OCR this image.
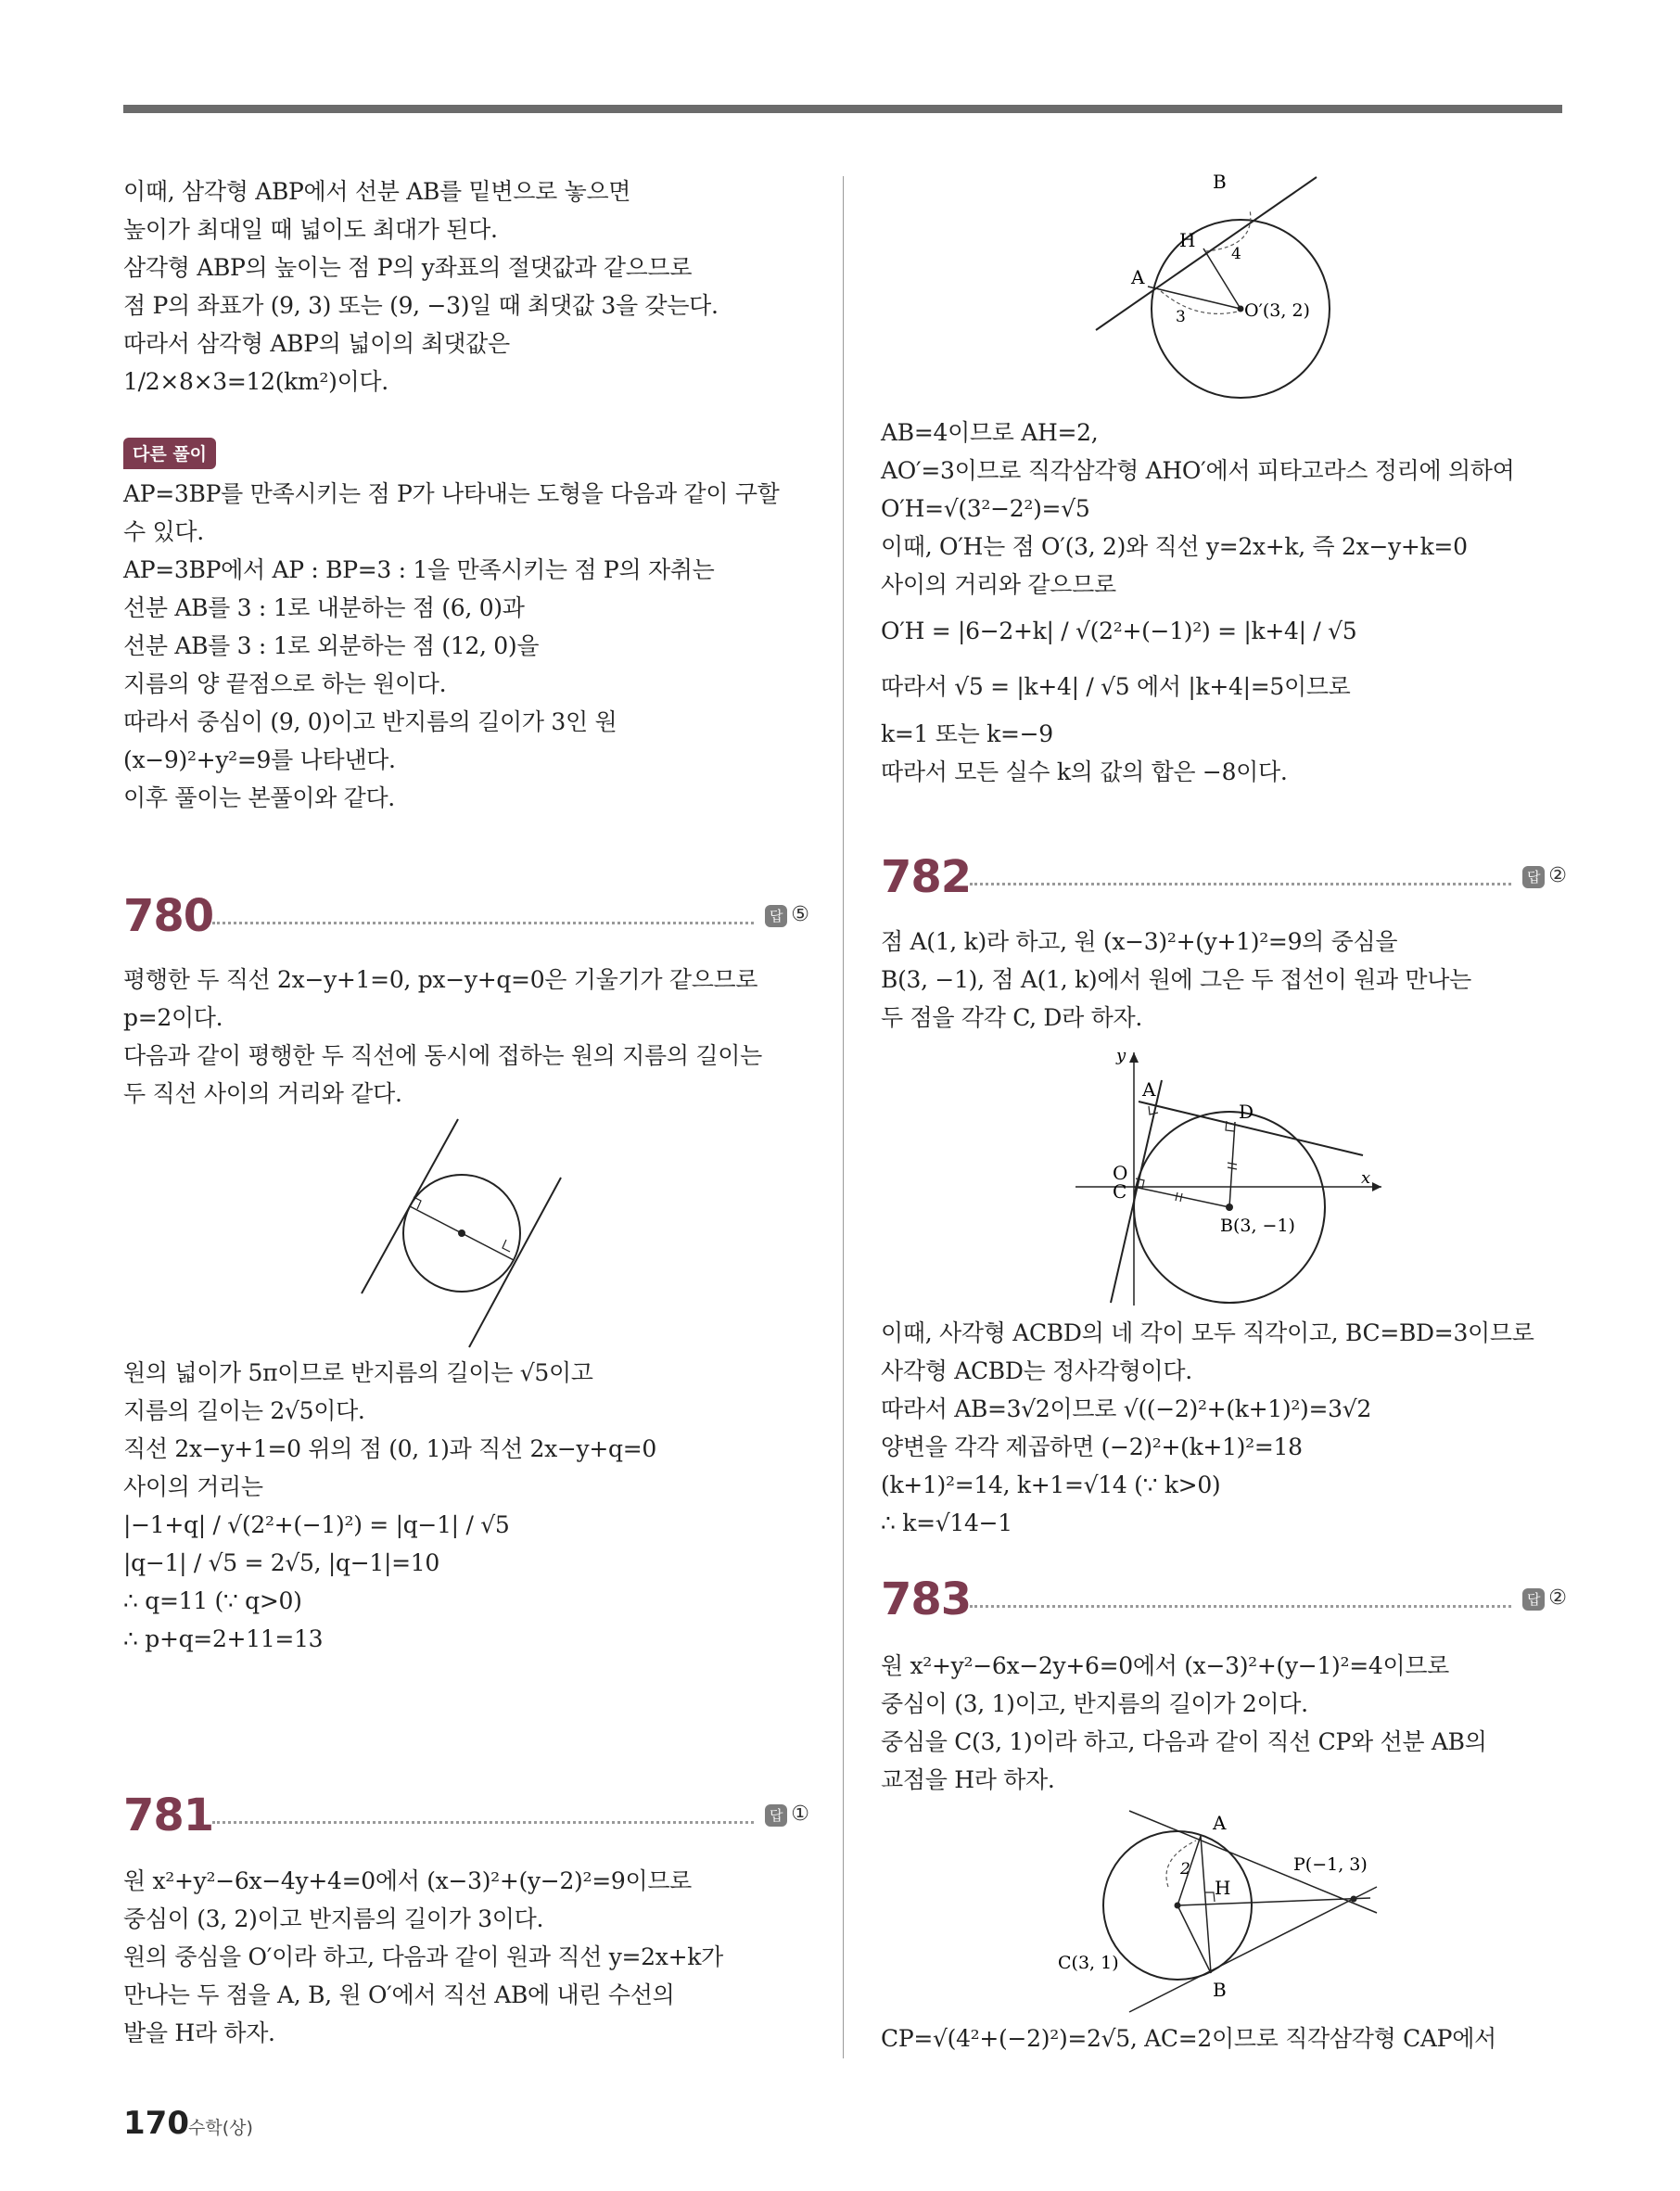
이때, 삼각형 ABP에서 선분 AB를 밑변으로 놓으면
높이가 최대일 때 넓이도 최대가 된다.
삼각형 ABP의 높이는 점 P의 y좌표의 절댓값과 같으므로
점 P의 좌표가 (9, 3) 또는 (9, −3)일 때 최댓값 3을 갖는다.
따라서 삼각형 ABP의 넓이의 최댓값은
1/2×8×3=12(km²)이다.
다른 풀이
AP=3BP를 만족시키는 점 P가 나타내는 도형을 다음과 같이 구할
수 있다.
AP=3BP에서 AP : BP=3 : 1을 만족시키는 점 P의 자취는
선분 AB를 3 : 1로 내분하는 점 (6, 0)과
선분 AB를 3 : 1로 외분하는 점 (12, 0)을
지름의 양 끝점으로 하는 원이다.
따라서 중심이 (9, 0)이고 반지름의 길이가 3인 원
(x−9)²+y²=9를 나타낸다.
이후 풀이는 본풀이와 같다.
780	답 ⑤
평행한 두 직선 2x−y+1=0, px−y+q=0은 기울기가 같으므로
p=2이다.
다음과 같이 평행한 두 직선에 동시에 접하는 원의 지름의 길이는
두 직선 사이의 거리와 같다.
원의 넓이가 5π이므로 반지름의 길이는 √5이고
지름의 길이는 2√5이다.
직선 2x−y+1=0 위의 점 (0, 1)과 직선 2x−y+q=0
사이의 거리는
|−1+q| / √(2²+(−1)²) = |q−1| / √5
|q−1| / √5 = 2√5, |q−1|=10
∴ q=11 (∵ q>0)
∴ p+q=2+11=13
781	답 ①
원 x²+y²−6x−4y+4=0에서 (x−3)²+(y−2)²=9이므로
중심이 (3, 2)이고 반지름의 길이가 3이다.
원의 중심을 O′이라 하고, 다음과 같이 원과 직선 y=2x+k가
만나는 두 점을 A, B, 원 O′에서 직선 AB에 내린 수선의
발을 H라 하자.
B
A
H
O′(3, 2)
4
3
AB=4이므로 AH=2,
AO′=3이므로 직각삼각형 AHO′에서 피타고라스 정리에 의하여
O′H=√(3²−2²)=√5
이때, O′H는 점 O′(3, 2)와 직선 y=2x+k, 즉 2x−y+k=0
사이의 거리와 같으므로
O′H = |6−2+k| / √(2²+(−1)²) = |k+4| / √5
따라서 √5 = |k+4| / √5 에서 |k+4|=5이므로
k=1 또는 k=−9
따라서 모든 실수 k의 값의 합은 −8이다.
782	답 ②
점 A(1, k)라 하고, 원 (x−3)²+(y+1)²=9의 중심을
B(3, −1), 점 A(1, k)에서 원에 그은 두 접선이 원과 만나는
두 점을 각각 C, D라 하자.
y
x
O
C
A
D
B(3, −1)
이때, 사각형 ACBD의 네 각이 모두 직각이고, BC=BD=3이므로
사각형 ACBD는 정사각형이다.
따라서 AB=3√2이므로 √((−2)²+(k+1)²)=3√2
양변을 각각 제곱하면 (−2)²+(k+1)²=18
(k+1)²=14, k+1=√14 (∵ k>0)
∴ k=√14−1
783	답 ②
원 x²+y²−6x−2y+6=0에서 (x−3)²+(y−1)²=4이므로
중심이 (3, 1)이고, 반지름의 길이가 2이다.
중심을 C(3, 1)이라 하고, 다음과 같이 직선 CP와 선분 AB의
교점을 H라 하자.
A
B
H
P(−1, 3)
C(3, 1)
2
CP=√(4²+(−2)²)=2√5, AC=2이므로 직각삼각형 CAP에서
170 수학(상)
